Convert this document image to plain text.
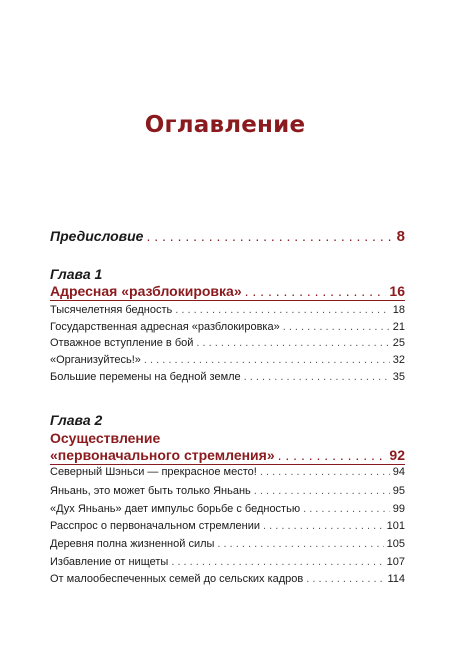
Оглавление
Предисловие . . .	8
Глава 1
Адресная «разблокировка» . . .	16
Тысячелетняя бедность . . .	18
Государственная адресная «разблокировка» . . .	21
Отважное вступление в бой . . .	25
«Организуйтесь!» . . .	32
Большие перемены на бедной земле . . .	35
Глава 2
Осуществление
«первоначального стремления» . . .	92
Северный Шэньси — прекрасное место! . . .	94
Яньань, это может быть только Яньань . . .	95
«Дух Яньань» дает импульс борьбе с бедностью . . .	99
Расспрос о первоначальном стремлении . . .	101
Деревня полна жизненной силы . . .	105
Избавление от нищеты . . .	107
От малообеспеченных семей до сельских кадров . . .	114
